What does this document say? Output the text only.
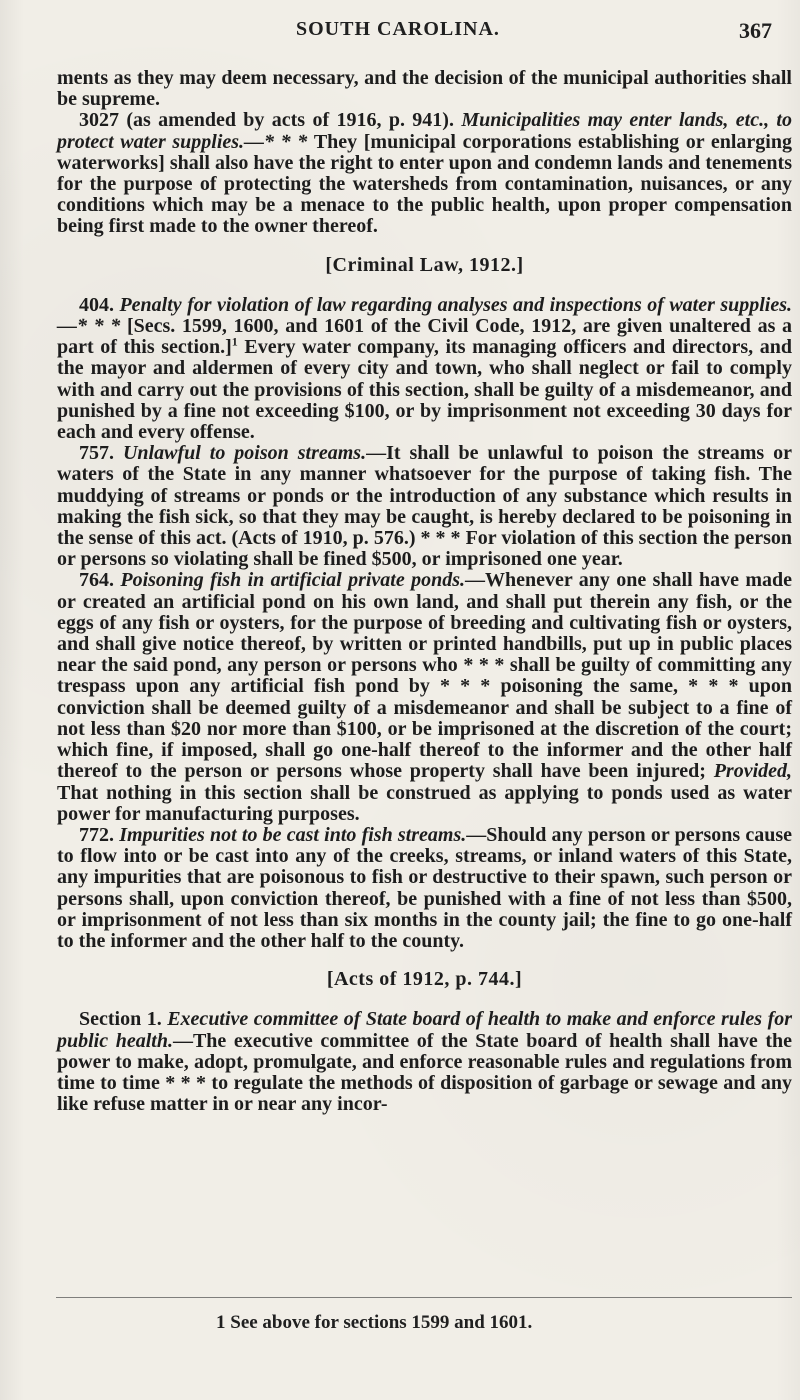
SOUTH CAROLINA.	367

ments as they may deem necessary, and the decision of the municipal authorities shall be supreme.

3027 (as amended by acts of 1916, p. 941). Municipalities may enter lands, etc., to protect water supplies.—* * * They [municipal corporations establishing or enlarging waterworks] shall also have the right to enter upon and condemn lands and tenements for the purpose of protecting the watersheds from contamination, nuisances, or any conditions which may be a menace to the public health, upon proper compensation being first made to the owner thereof.

[Criminal Law, 1912.]

404. Penalty for violation of law regarding analyses and inspections of water supplies.—* * * [Secs. 1599, 1600, and 1601 of the Civil Code, 1912, are given unaltered as a part of this section.]$^1$ Every water company, its managing officers and directors, and the mayor and aldermen of every city and town, who shall neglect or fail to comply with and carry out the provisions of this section, shall be guilty of a misdemeanor, and punished by a fine not exceeding $100, or by imprisonment not exceeding 30 days for each and every offense.

757. Unlawful to poison streams.—It shall be unlawful to poison the streams or waters of the State in any manner whatsoever for the purpose of taking fish. The muddying of streams or ponds or the introduction of any substance which results in making the fish sick, so that they may be caught, is hereby declared to be poisoning in the sense of this act. (Acts of 1910, p. 576.) * * * For violation of this section the person or persons so violating shall be fined $500, or imprisoned one year.

764. Poisoning fish in artificial private ponds.—Whenever any one shall have made or created an artificial pond on his own land, and shall put therein any fish, or the eggs of any fish or oysters, for the purpose of breeding and cultivating fish or oysters, and shall give notice thereof, by written or printed handbills, put up in public places near the said pond, any person or persons who * * * shall be guilty of committing any trespass upon any artificial fish pond by * * * poisoning the same, * * * upon conviction shall be deemed guilty of a misdemeanor and shall be subject to a fine of not less than $20 nor more than $100, or be imprisoned at the discretion of the court; which fine, if imposed, shall go one-half thereof to the informer and the other half thereof to the person or persons whose property shall have been injured; Provided, That nothing in this section shall be construed as applying to ponds used as water power for manufacturing purposes.

772. Impurities not to be cast into fish streams.—Should any person or persons cause to flow into or be cast into any of the creeks, streams, or inland waters of this State, any impurities that are poisonous to fish or destructive to their spawn, such person or persons shall, upon conviction thereof, be punished with a fine of not less than $500, or imprisonment of not less than six months in the county jail; the fine to go one-half to the informer and the other half to the county.

[Acts of 1912, p. 744.]

Section 1. Executive committee of State board of health to make and enforce rules for public health.—The executive committee of the State board of health shall have the power to make, adopt, promulgate, and enforce reasonable rules and regulations from time to time * * * to regulate the methods of disposition of garbage or sewage and any like refuse matter in or near any incor-

1 See above for sections 1599 and 1601.
